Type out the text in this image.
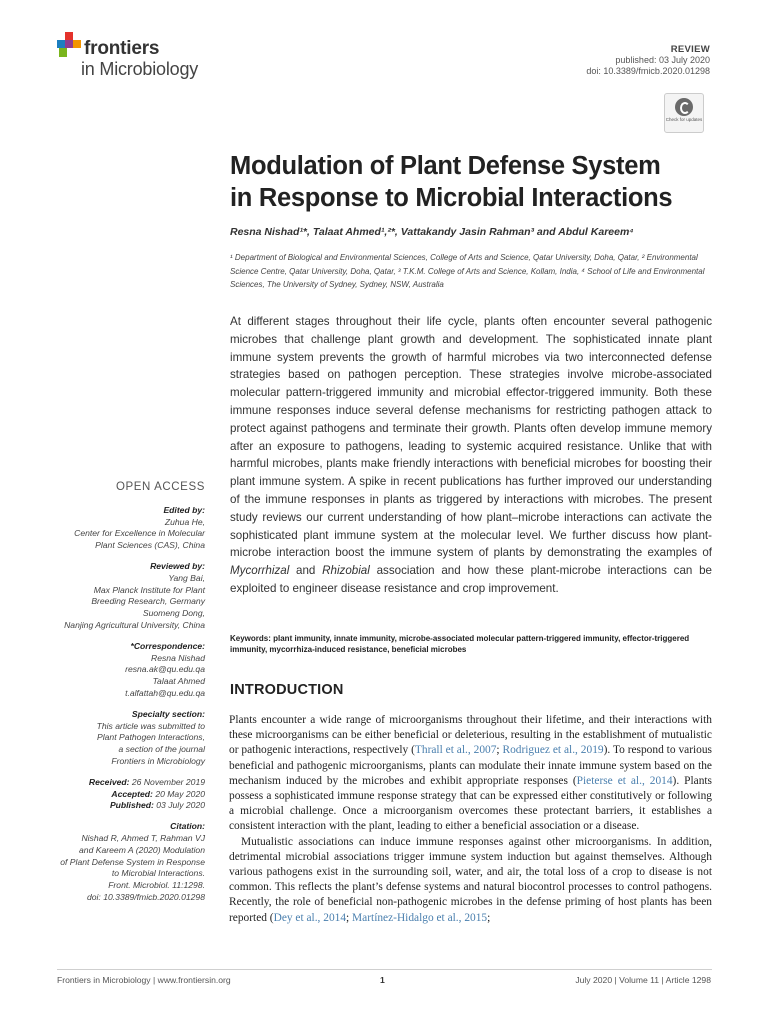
frontiers
in Microbiology
REVIEW
published: 03 July 2020
doi: 10.3389/fmicb.2020.01298
Check for updates
Modulation of Plant Defense System
in Response to Microbial Interactions
Resna Nishad¹*, Talaat Ahmed¹,²*, Vattakandy Jasin Rahman³ and Abdul Kareem⁴
¹ Department of Biological and Environmental Sciences, College of Arts and Science, Qatar University, Doha, Qatar, ² Environmental Science Centre, Qatar University, Doha, Qatar, ³ T.K.M. College of Arts and Science, Kollam, India, ⁴ School of Life and Environmental Sciences, The University of Sydney, Sydney, NSW, Australia
At different stages throughout their life cycle, plants often encounter several pathogenic microbes that challenge plant growth and development. The sophisticated innate plant immune system prevents the growth of harmful microbes via two interconnected defense strategies based on pathogen perception. These strategies involve microbe-associated molecular pattern-triggered immunity and microbial effector-triggered immunity. Both these immune responses induce several defense mechanisms for restricting pathogen attack to protect against pathogens and terminate their growth. Plants often develop immune memory after an exposure to pathogens, leading to systemic acquired resistance. Unlike that with harmful microbes, plants make friendly interactions with beneficial microbes for boosting their plant immune system. A spike in recent publications has further improved our understanding of the immune responses in plants as triggered by interactions with microbes. The present study reviews our current understanding of how plant–microbe interactions can activate the sophisticated plant immune system at the molecular level. We further discuss how plant-microbe interaction boost the immune system of plants by demonstrating the examples of Mycorrhizal and Rhizobial association and how these plant-microbe interactions can be exploited to engineer disease resistance and crop improvement.
Keywords: plant immunity, innate immunity, microbe-associated molecular pattern-triggered immunity, effector-triggered immunity, mycorrhiza-induced resistance, beneficial microbes
INTRODUCTION

Plants encounter a wide range of microorganisms throughout their lifetime, and their interactions with these microorganisms can be either beneficial or deleterious, resulting in the establishment of mutualistic or pathogenic interactions, respectively (Thrall et al., 2007; Rodriguez et al., 2019). To respond to various beneficial and pathogenic microorganisms, plants can modulate their innate immune system based on the mechanism induced by the microbes and exhibit appropriate responses (Pieterse et al., 2014). Plants possess a sophisticated immune response strategy that can be expressed either constitutively or following a microbial challenge. Once a microorganism overcomes these protectant barriers, it establishes a consistent interaction with the plant, leading to either a beneficial association or a disease.

Mutualistic associations can induce immune responses against other microorganisms. In addition, detrimental microbial associations trigger immune system induction but against themselves. Although various pathogens exist in the surrounding soil, water, and air, the total loss of a crop to disease is not common. This reflects the plant’s defense systems and natural biocontrol processes to control pathogens. Recently, the role of beneficial non-pathogenic microbes in the defense priming of host plants has been reported (Dey et al., 2014; Martínez-Hidalgo et al., 2015;

OPEN ACCESS
Edited by:
Zuhua He,
Center for Excellence in Molecular
Plant Sciences (CAS), China
Reviewed by:
Yang Bai,
Max Planck Institute for Plant
Breeding Research, Germany
Suomeng Dong,
Nanjing Agricultural University, China
*Correspondence:
Resna Nishad
resna.ak@qu.edu.qa
Talaat Ahmed
t.alfattah@qu.edu.qa
Specialty section:
This article was submitted to
Plant Pathogen Interactions,
a section of the journal
Frontiers in Microbiology
Received: 26 November 2019
Accepted: 20 May 2020
Published: 03 July 2020
Citation:
Nishad R, Ahmed T, Rahman VJ
and Kareem A (2020) Modulation
of Plant Defense System in Response
to Microbial Interactions.
Front. Microbiol. 11:1298.
doi: 10.3389/fmicb.2020.01298
Frontiers in Microbiology | www.frontiersin.org	1	July 2020 | Volume 11 | Article 1298
